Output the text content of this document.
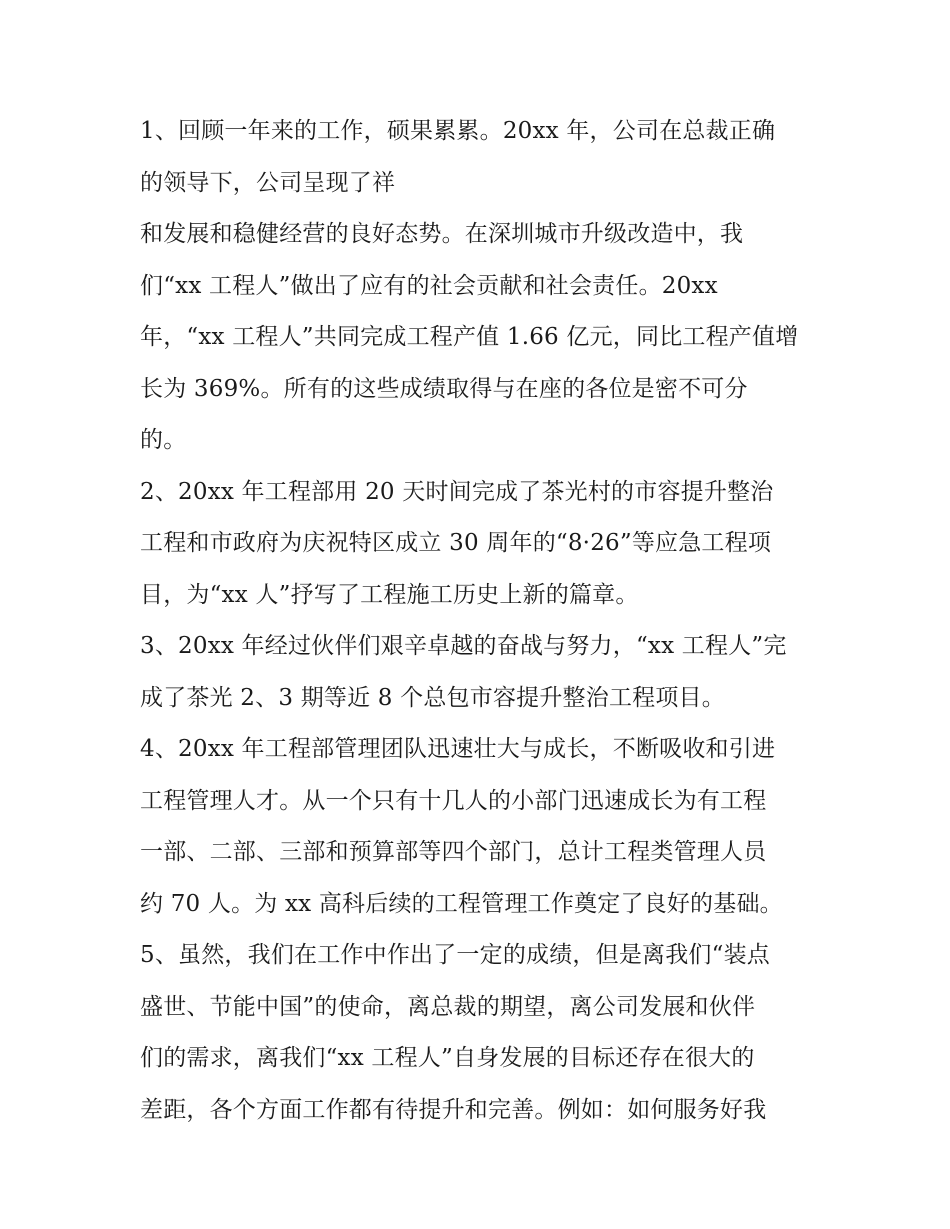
1、回顾一年来的工作，硕果累累。20xx 年，公司在总裁正确
的领导下，公司呈现了祥
和发展和稳健经营的良好态势。在深圳城市升级改造中，我
们“xx 工程人”做出了应有的社会贡献和社会责任。20xx
年，“xx 工程人”共同完成工程产值 1.66 亿元，同比工程产值增
长为 369%。所有的这些成绩取得与在座的各位是密不可分
的。
2、20xx 年工程部用 20 天时间完成了茶光村的市容提升整治
工程和市政府为庆祝特区成立 30 周年的“8·26”等应急工程项
目，为“xx 人”抒写了工程施工历史上新的篇章。
3、20xx 年经过伙伴们艰辛卓越的奋战与努力，“xx 工程人”完
成了茶光 2、3 期等近 8 个总包市容提升整治工程项目。
4、20xx 年工程部管理团队迅速壮大与成长，不断吸收和引进
工程管理人才。从一个只有十几人的小部门迅速成长为有工程
一部、二部、三部和预算部等四个部门，总计工程类管理人员
约 70 人。为 xx 高科后续的工程管理工作奠定了良好的基础。
5、虽然，我们在工作中作出了一定的成绩，但是离我们“装点
盛世、节能中国”的使命，离总裁的期望，离公司发展和伙伴
们的需求，离我们“xx 工程人”自身发展的目标还存在很大的
差距，各个方面工作都有待提升和完善。例如：如何服务好我
